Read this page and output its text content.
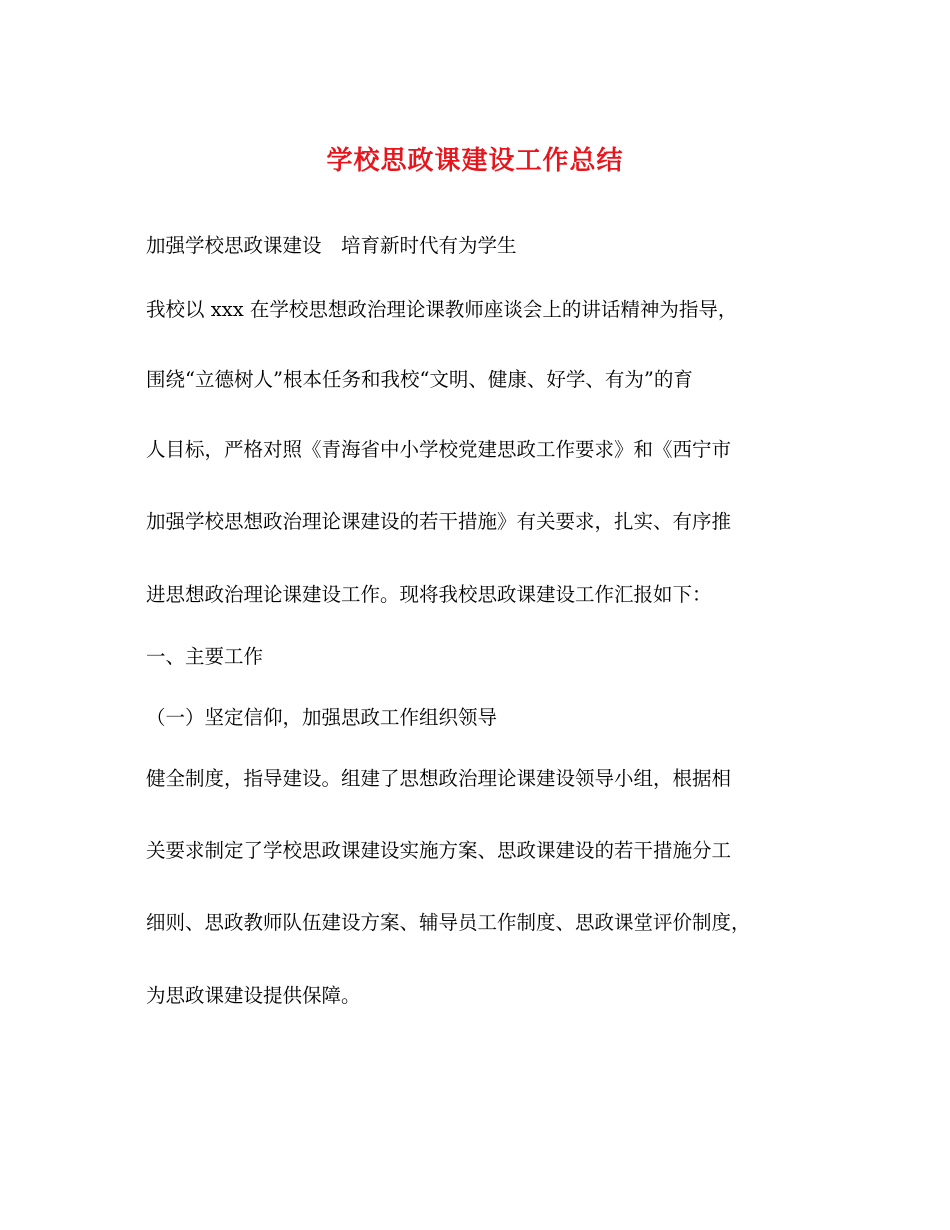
学校思政课建设工作总结
加强学校思政课建设　培育新时代有为学生
我校以 xxx 在学校思想政治理论课教师座谈会上的讲话精神为指导，
围绕“立德树人”根本任务和我校“文明、健康、好学、有为”的育
人目标，严格对照《青海省中小学校党建思政工作要求》和《西宁市
加强学校思想政治理论课建设的若干措施》有关要求，扎实、有序推
进思想政治理论课建设工作。现将我校思政课建设工作汇报如下：
一、主要工作
（一）坚定信仰，加强思政工作组织领导
健全制度，指导建设。组建了思想政治理论课建设领导小组，根据相
关要求制定了学校思政课建设实施方案、思政课建设的若干措施分工
细则、思政教师队伍建设方案、辅导员工作制度、思政课堂评价制度，
为思政课建设提供保障。
